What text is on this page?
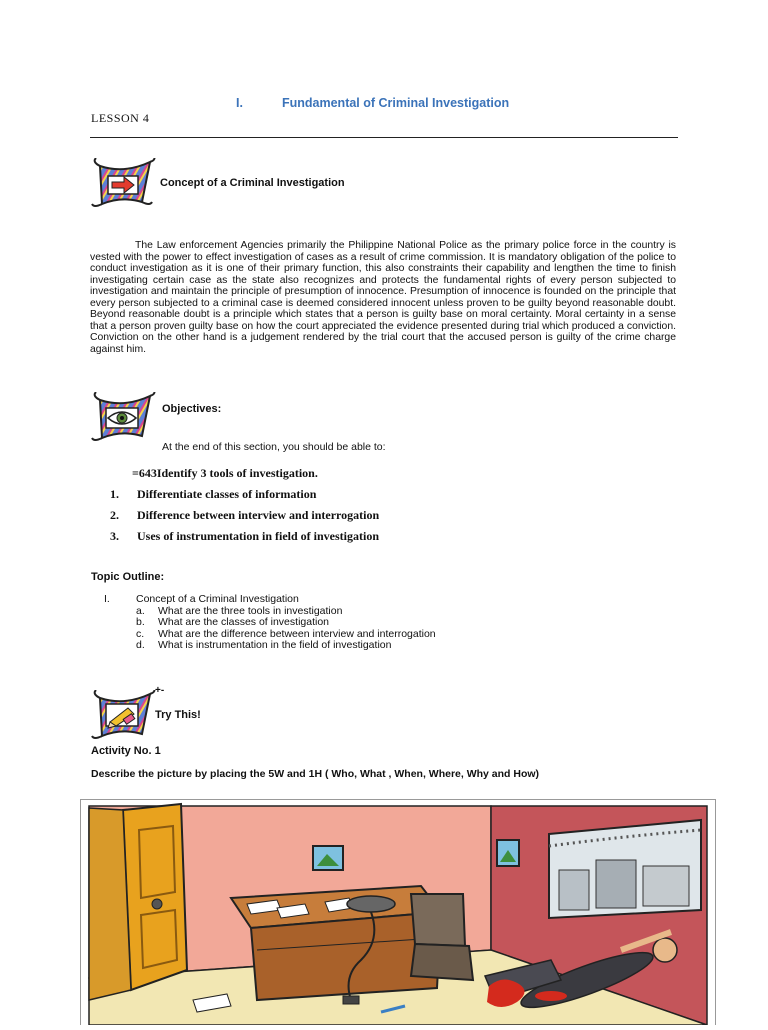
I.	Fundamental of Criminal Investigation
LESSON 4
Concept of a Criminal Investigation
The Law enforcement Agencies primarily the Philippine National Police as the primary police force in the country is vested with the power to effect investigation of cases as a result of crime commission. It is mandatory obligation of the police to conduct investigation as it is one of their primary function, this also constraints their capability and lengthen the time to finish investigating certain case as the state also recognizes and protects the fundamental rights of every person subjected to investigation and maintain the principle of presumption of innocence. Presumption of innocence is founded on the principle that every person subjected to a criminal case is deemed considered innocent unless proven to be guilty beyond reasonable doubt. Beyond reasonable doubt is a principle which states that a person is guilty base on moral certainty. Moral certainty in a sense that a person proven guilty base on how the court appreciated the evidence presented during trial which produced a conviction. Conviction on the other hand is a judgement rendered by the trial court that the accused person is guilty of the crime charge against him.
Objectives:
At the end of this section, you should be able to:
=643Identify 3 tools of investigation.
1. Differentiate classes of information
2. Difference between interview and interrogation
3. Uses of instrumentation in field of investigation
Topic Outline:
I. Concept of a Criminal Investigation
a. What are the three tools in investigation
b. What are the classes of investigation
c. What are the difference between interview and interrogation
d. What is instrumentation in the field of investigation
+-
Try This!
Activity No. 1
Describe the picture by placing the 5W and 1H ( Who, What , When, Where, Why and How)
